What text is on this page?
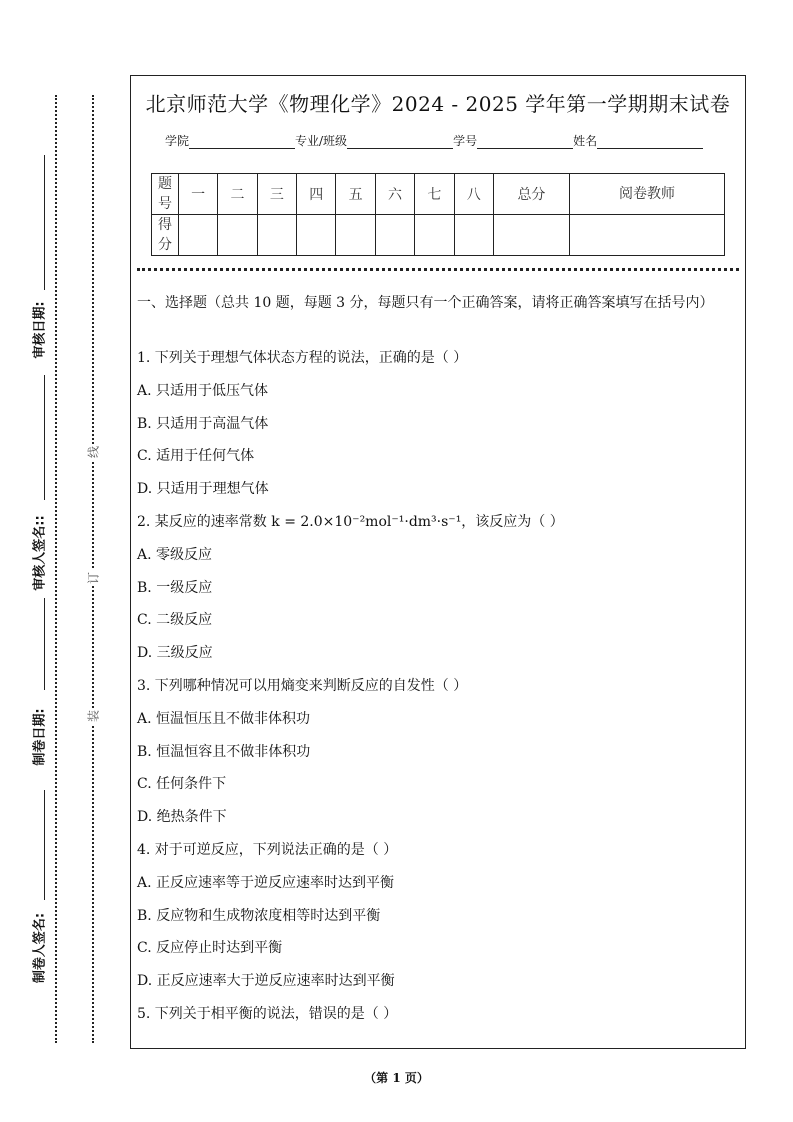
审核日期:
审核人签名::
制卷日期:
制卷人签名:
线
订
装
北京师范大学《物理化学》2024 - 2025 学年第一学期期末试卷
学院	专业/班级	学号	姓名
题号	一	二	三	四	五	六	七	八	总分	阅卷教师
得分										
一、选择题（总共 10 题，每题 3 分，每题只有一个正确答案，请将正确答案填写在括号内）
1. 下列关于理想气体状态方程的说法，正确的是（ ）
A. 只适用于低压气体
B. 只适用于高温气体
C. 适用于任何气体
D. 只适用于理想气体
2. 某反应的速率常数 k = 2.0×10⁻²mol⁻¹·dm³·s⁻¹，该反应为（ ）
A. 零级反应
B. 一级反应
C. 二级反应
D. 三级反应
3. 下列哪种情况可以用熵变来判断反应的自发性（ ）
A. 恒温恒压且不做非体积功
B. 恒温恒容且不做非体积功
C. 任何条件下
D. 绝热条件下
4. 对于可逆反应，下列说法正确的是（ ）
A. 正反应速率等于逆反应速率时达到平衡
B. 反应物和生成物浓度相等时达到平衡
C. 反应停止时达到平衡
D. 正反应速率大于逆反应速率时达到平衡
5. 下列关于相平衡的说法，错误的是（ ）
（第 1 页）
